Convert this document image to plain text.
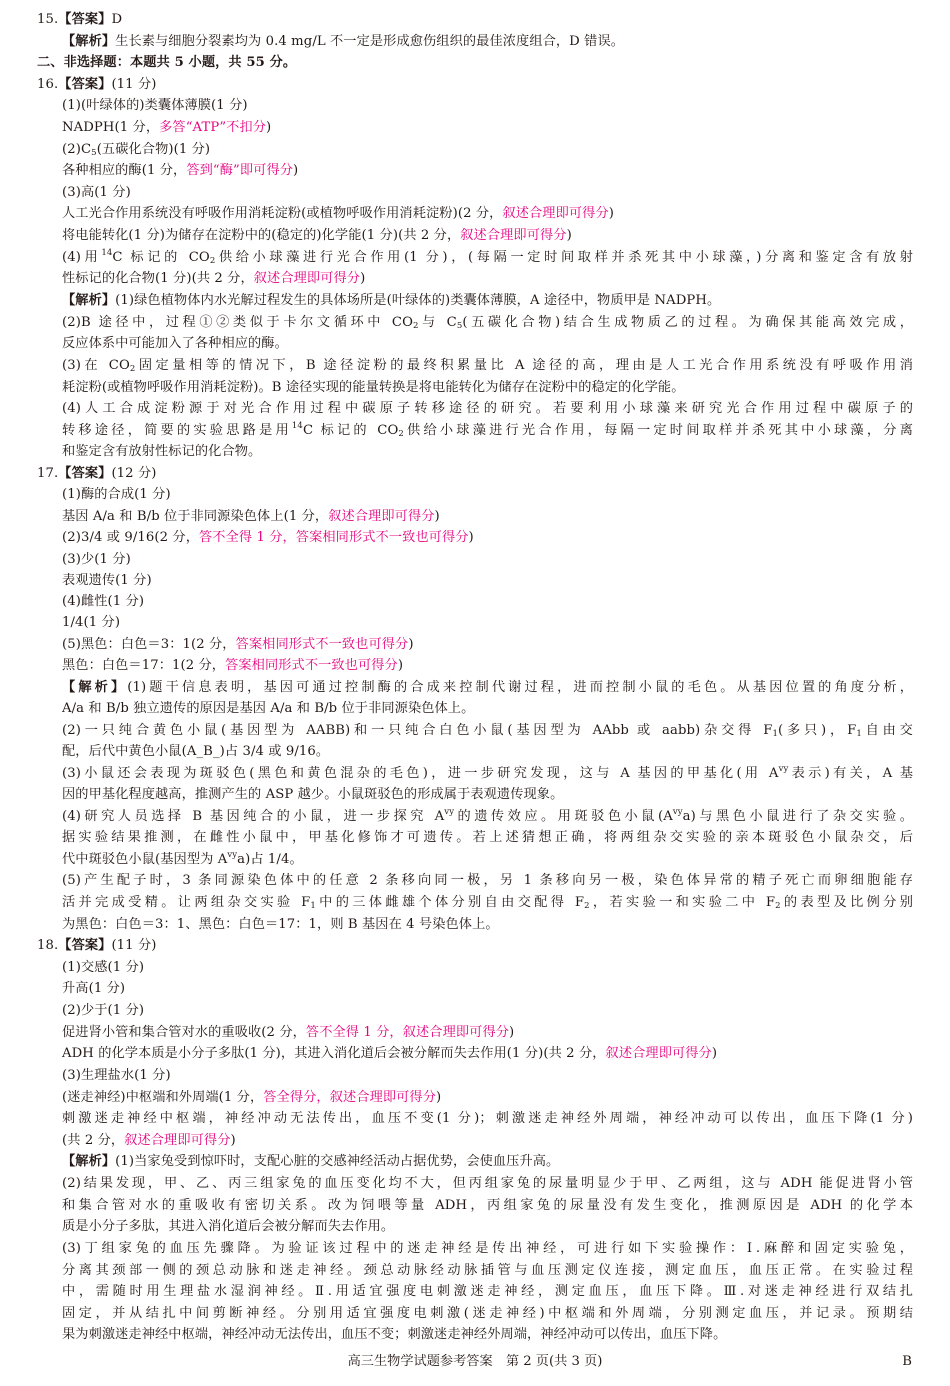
15.【答案】D
【解析】生长素与细胞分裂素均为 0.4 mg/L 不一定是形成愈伤组织的最佳浓度组合，D 错误。
二、非选择题：本题共 5 小题，共 55 分。
16.【答案】(11 分)
(1)(叶绿体的)类囊体薄膜(1 分)
NADPH(1 分，多答“ATP”不扣分)
$(2)C_5$(五碳化合物)(1 分)
各种相应的酶(1 分，答到“酶”即可得分)
(3)高(1 分)
人工光合作用系统没有呼吸作用消耗淀粉(或植物呼吸作用消耗淀粉)(2 分，叙述合理即可得分)
将电能转化(1 分)为储存在淀粉中的(稳定的)化学能(1 分)(共 2 分，叙述合理即可得分)
(4)用$^{14}$C 标记的 $CO_2$供给小球藻进行光合作用(1 分)，(每隔一定时间取样并杀死其中小球藻，)分离和鉴定含有放射
性标记的化合物(1 分)(共 2 分，叙述合理即可得分)
【解析】(1)绿色植物体内水光解过程发生的具体场所是(叶绿体的)类囊体薄膜，A 途径中，物质甲是 NADPH。
(2)B 途径中，过程①②类似于卡尔文循环中 $CO_2$与 $C_5$(五碳化合物)结合生成物质乙的过程。为确保其能高效完成，
反应体系中可能加入了各种相应的酶。
(3)在 $CO_2$固定量相等的情况下，B 途径淀粉的最终积累量比 A 途径的高，理由是人工光合作用系统没有呼吸作用消
耗淀粉(或植物呼吸作用消耗淀粉)。B 途径实现的能量转换是将电能转化为储存在淀粉中的稳定的化学能。
(4)人工合成淀粉源于对光合作用过程中碳原子转移途径的研究。若要利用小球藻来研究光合作用过程中碳原子的
转移途径，简要的实验思路是用$^{14}$C 标记的 $CO_2$供给小球藻进行光合作用，每隔一定时间取样并杀死其中小球藻，分离
和鉴定含有放射性标记的化合物。
17.【答案】(12 分)
(1)酶的合成(1 分)
基因 A/a 和 B/b 位于非同源染色体上(1 分，叙述合理即可得分)
(2)3/4 或 9/16(2 分，答不全得 1 分，答案相同形式不一致也可得分)
(3)少(1 分)
表观遗传(1 分)
(4)雌性(1 分)
1/4(1 分)
(5)黑色：白色＝3：1(2 分，答案相同形式不一致也可得分)
黑色：白色＝17：1(2 分，答案相同形式不一致也可得分)
【解析】(1)题干信息表明，基因可通过控制酶的合成来控制代谢过程，进而控制小鼠的毛色。从基因位置的角度分析，
A/a 和 B/b 独立遗传的原因是基因 A/a 和 B/b 位于非同源染色体上。
(2)一只纯合黄色小鼠(基因型为 AABB)和一只纯合白色小鼠(基因型为 AAbb 或 aabb)杂交得 $F_1$(多只)，$F_1$自由交
配，后代中黄色小鼠(A_B_)占 3/4 或 9/16。
(3)小鼠还会表现为斑驳色(黑色和黄色混杂的毛色)，进一步研究发现，这与 A 基因的甲基化(用 $A^{vy}$表示)有关，A 基
因的甲基化程度越高，推测产生的 ASP 越少。小鼠斑驳色的形成属于表观遗传现象。
(4)研究人员选择 B 基因纯合的小鼠，进一步探究 $A^{vy}$的遗传效应。用斑驳色小鼠$(A^{vy}a)$与黑色小鼠进行了杂交实验。
据实验结果推测，在雌性小鼠中，甲基化修饰才可遗传。若上述猜想正确，将两组杂交实验的亲本斑驳色小鼠杂交，后
代中斑驳色小鼠(基因型为 $A^{vy}a$)占 1/4。
(5)产生配子时，3 条同源染色体中的任意 2 条移向同一极，另 1 条移向另一极，染色体异常的精子死亡而卵细胞能存
活并完成受精。让两组杂交实验 $F_1$中的三体雌雄个体分别自由交配得 $F_2$，若实验一和实验二中 $F_2$的表型及比例分别
为黑色：白色＝3：1、黑色：白色＝17：1，则 B 基因在 4 号染色体上。
18.【答案】(11 分)
(1)交感(1 分)
升高(1 分)
(2)少于(1 分)
促进肾小管和集合管对水的重吸收(2 分，答不全得 1 分，叙述合理即可得分)
ADH 的化学本质是小分子多肽(1 分)，其进入消化道后会被分解而失去作用(1 分)(共 2 分，叙述合理即可得分)
(3)生理盐水(1 分)
(迷走神经)中枢端和外周端(1 分，答全得分，叙述合理即可得分)
刺激迷走神经中枢端，神经冲动无法传出，血压不变(1 分)；刺激迷走神经外周端，神经冲动可以传出，血压下降(1 分)
(共 2 分，叙述合理即可得分)
【解析】(1)当家兔受到惊吓时，支配心脏的交感神经活动占据优势，会使血压升高。
(2)结果发现，甲、乙、丙三组家兔的血压变化均不大，但丙组家兔的尿量明显少于甲、乙两组，这与 ADH 能促进肾小管
和集合管对水的重吸收有密切关系。改为饲喂等量 ADH，丙组家兔的尿量没有发生变化，推测原因是 ADH 的化学本
质是小分子多肽，其进入消化道后会被分解而失去作用。
(3)丁组家兔的血压先骤降。为验证该过程中的迷走神经是传出神经，可进行如下实验操作：Ⅰ.麻醉和固定实验兔，
分离其颈部一侧的颈总动脉和迷走神经。颈总动脉经动脉插管与血压测定仪连接，测定血压，血压正常。在实验过程
中，需随时用生理盐水湿润神经。Ⅱ.用适宜强度电刺激迷走神经，测定血压，血压下降。Ⅲ.对迷走神经进行双结扎
固定，并从结扎中间剪断神经。分别用适宜强度电刺激(迷走神经)中枢端和外周端，分别测定血压，并记录。预期结
果为刺激迷走神经中枢端，神经冲动无法传出，血压不变；刺激迷走神经外周端，神经冲动可以传出，血压下降。
高三生物学试题参考答案　第 2 页(共 3 页)	B
